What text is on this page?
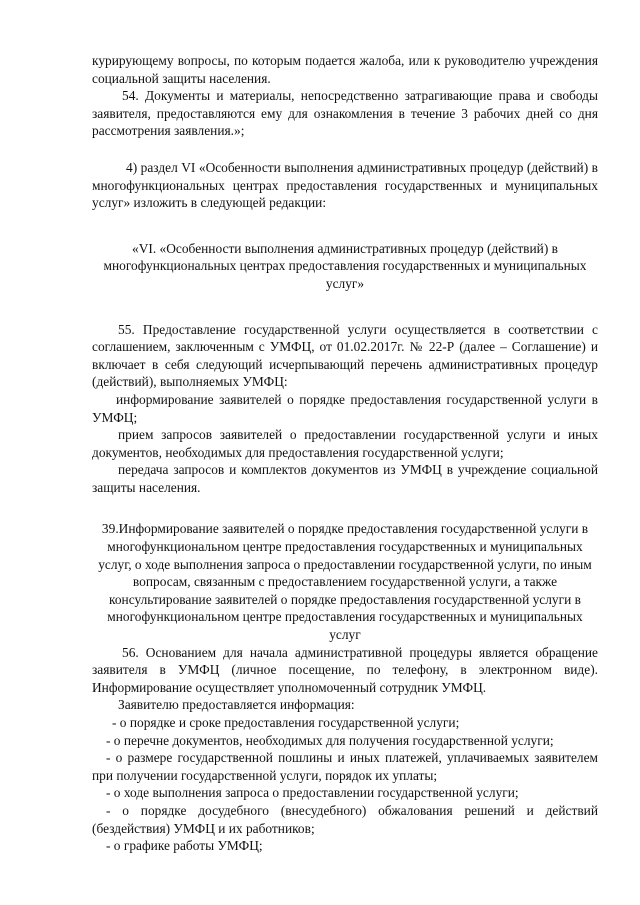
курирующему вопросы, по которым подается жалоба, или к руководителю учреждения социальной защиты населения.

54. Документы и материалы, непосредственно затрагивающие права и свободы заявителя, предоставляются ему для ознакомления в течение 3 рабочих дней со дня рассмотрения заявления.»;

4) раздел VI «Особенности выполнения административных процедур (действий) в многофункциональных центрах предоставления государственных и муниципальных услуг» изложить в следующей редакции:

«VI. «Особенности выполнения административных процедур (действий) в многофункциональных центрах предоставления государственных и муниципальных услуг»

55. Предоставление государственной услуги осуществляется в соответствии с соглашением, заключенным с УМФЦ, от 01.02.2017г. № 22-Р (далее – Соглашение) и включает в себя следующий исчерпывающий перечень административных процедур (действий), выполняемых УМФЦ:

информирование заявителей о порядке предоставления государственной услуги в УМФЦ;

прием запросов заявителей о предоставлении государственной услуги и иных документов, необходимых для предоставления государственной услуги;

передача запросов и комплектов документов из УМФЦ в учреждение социальной защиты населения.

39.Информирование заявителей о порядке предоставления государственной услуги в многофункциональном центре предоставления государственных и муниципальных услуг, о ходе выполнения запроса о предоставлении государственной услуги, по иным вопросам, связанным с предоставлением государственной услуги, а также консультирование заявителей о порядке предоставления государственной услуги в многофункциональном центре предоставления государственных и муниципальных услуг

56. Основанием для начала административной процедуры является обращение заявителя в УМФЦ (личное посещение, по телефону, в электронном виде). Информирование осуществляет уполномоченный сотрудник УМФЦ.

Заявителю предоставляется информация:

- о порядке и сроке предоставления государственной услуги;

- о перечне документов, необходимых для получения государственной услуги;

- о размере государственной пошлины и иных платежей, уплачиваемых заявителем при получении государственной услуги, порядок их уплаты;

- о ходе выполнения запроса о предоставлении государственной услуги;

- о порядке досудебного (внесудебного) обжалования решений и действий (бездействия) УМФЦ и их работников;

- о графике работы УМФЦ;
